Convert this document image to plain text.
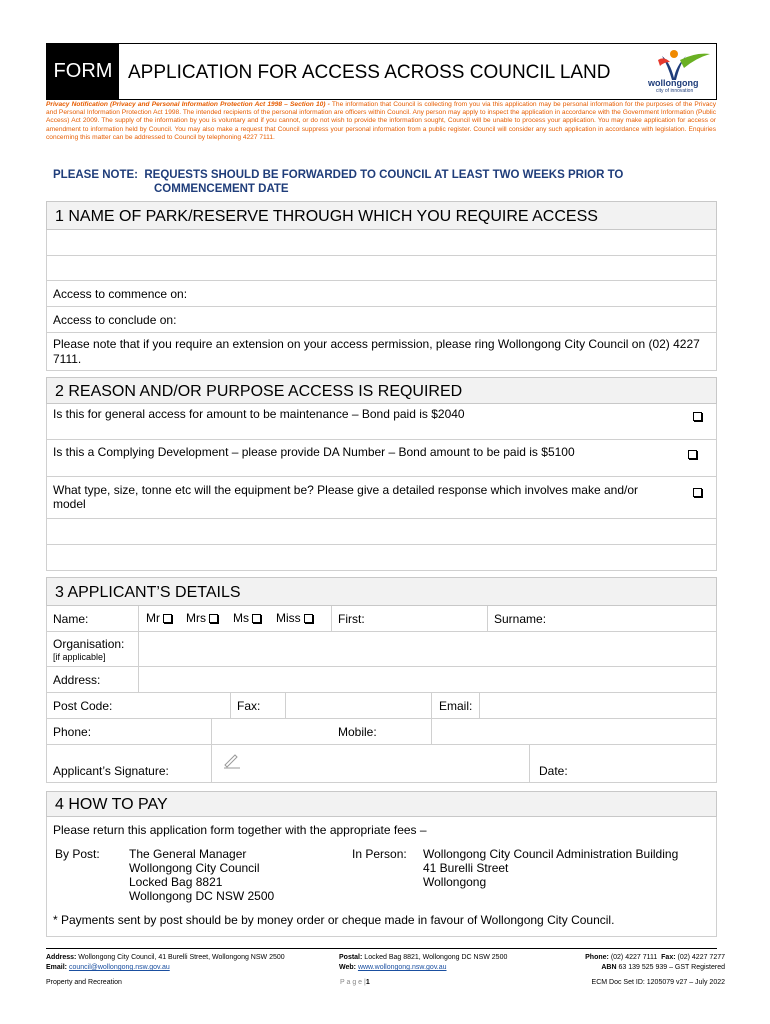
FORM APPLICATION FOR ACCESS ACROSS COUNCIL LAND	wollongong
city of innovation
Privacy Notification (Privacy and Personal Information Protection Act 1998 – Section 10) - The information that Council is collecting from you via this application may be personal information for the purposes of the Privacy and Personal Information Protection Act 1998. The intended recipients of the personal information are officers within Council. Any person may apply to inspect the application in accordance with the Government Information (Public Access) Act 2009. The supply of the information by you is voluntary and if you cannot, or do not wish to provide the information sought, Council will be unable to process your application. You may make application for access or amendment to information held by Council. You may also make a request that Council suppress your personal information from a public register. Council will consider any such application in accordance with legislation. Enquiries concerning this matter can be addressed to Council by telephoning 4227 7111.
PLEASE NOTE: REQUESTS SHOULD BE FORWARDED TO COUNCIL AT LEAST TWO WEEKS PRIOR TO
COMMENCEMENT DATE
1 NAME OF PARK/RESERVE THROUGH WHICH YOU REQUIRE ACCESS
Access to commence on:
Access to conclude on:
Please note that if you require an extension on your access permission, please ring Wollongong City Council on (02) 4227 7111.
2 REASON AND/OR PURPOSE ACCESS IS REQUIRED
Is this for general access for amount to be maintenance – Bond paid is $2040
Is this a Complying Development – please provide DA Number – Bond amount to be paid is $5100
What type, size, tonne etc will the equipment be? Please give a detailed response which involves make and/or model
3 APPLICANT’S DETAILS
Name:	Mr	Mrs	Ms	Miss	First:	Surname:
Organisation:
[if applicable]
Address:
Post Code:	Fax:	Email:
Phone:	Mobile:
Applicant’s Signature:	Date:
4 HOW TO PAY
Please return this application form together with the appropriate fees –
By Post: The General Manager
Wollongong City Council
Locked Bag 8821
Wollongong DC NSW 2500
In Person: Wollongong City Council Administration Building
41 Burelli Street
Wollongong
* Payments sent by post should be by money order or cheque made in favour of Wollongong City Council.
Address: Wollongong City Council, 41 Burelli Street, Wollongong NSW 2500
Email: council@wollongong.nsw.gov.au
Postal: Locked Bag 8821, Wollongong DC NSW 2500
Web: www.wollongong.nsw.gov.au
Phone: (02) 4227 7111 Fax: (02) 4227 7277
ABN 63 139 525 939 – GST Registered
Property and Recreation	P a g e |1	ECM Doc Set ID: 1205079 v27 – July 2022
